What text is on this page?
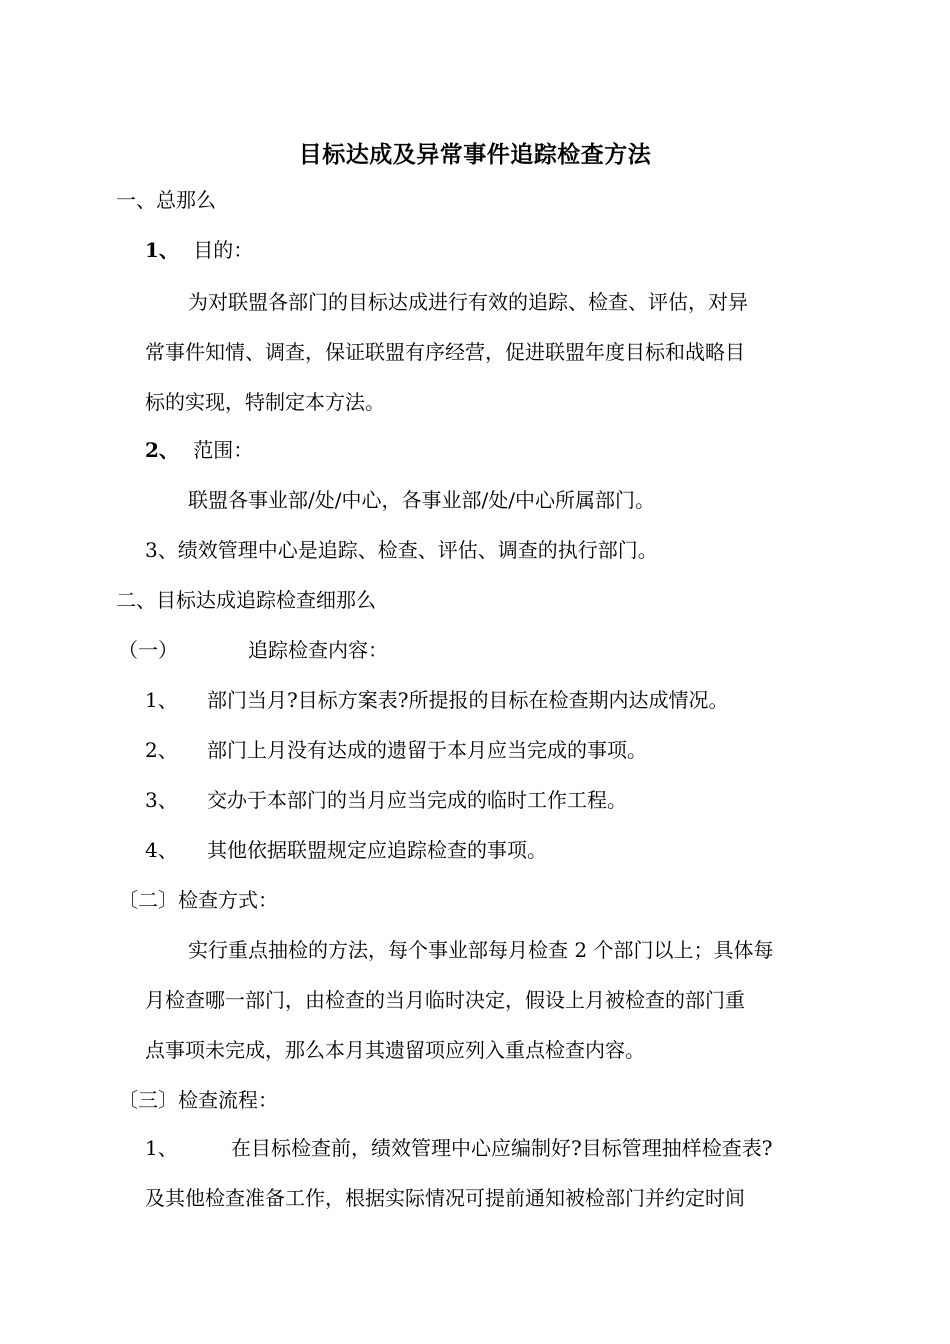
目标达成及异常事件追踪检查方法
一、总那么
1、 目的：
为对联盟各部门的目标达成进行有效的追踪、检查、评估，对异
常事件知情、调查，保证联盟有序经营，促进联盟年度目标和战略目
标的实现，特制定本方法。
2、 范围：
联盟各事业部/处/中心，各事业部/处/中心所属部门。
3、绩效管理中心是追踪、检查、评估、调查的执行部门。
二、目标达成追踪检查细那么
（一）	追踪检查内容：
1、 部门当月?目标方案表?所提报的目标在检查期内达成情况。
2、 部门上月没有达成的遗留于本月应当完成的事项。
3、 交办于本部门的当月应当完成的临时工作工程。
4、 其他依据联盟规定应追踪检查的事项。
〔二〕检查方式：
实行重点抽检的方法，每个事业部每月检查 2 个部门以上；具体每
月检查哪一部门，由检查的当月临时决定，假设上月被检查的部门重
点事项未完成，那么本月其遗留项应列入重点检查内容。
〔三〕检查流程：
1、	在目标检查前，绩效管理中心应编制好?目标管理抽样检查表?
及其他检查准备工作，根据实际情况可提前通知被检部门并约定时间
